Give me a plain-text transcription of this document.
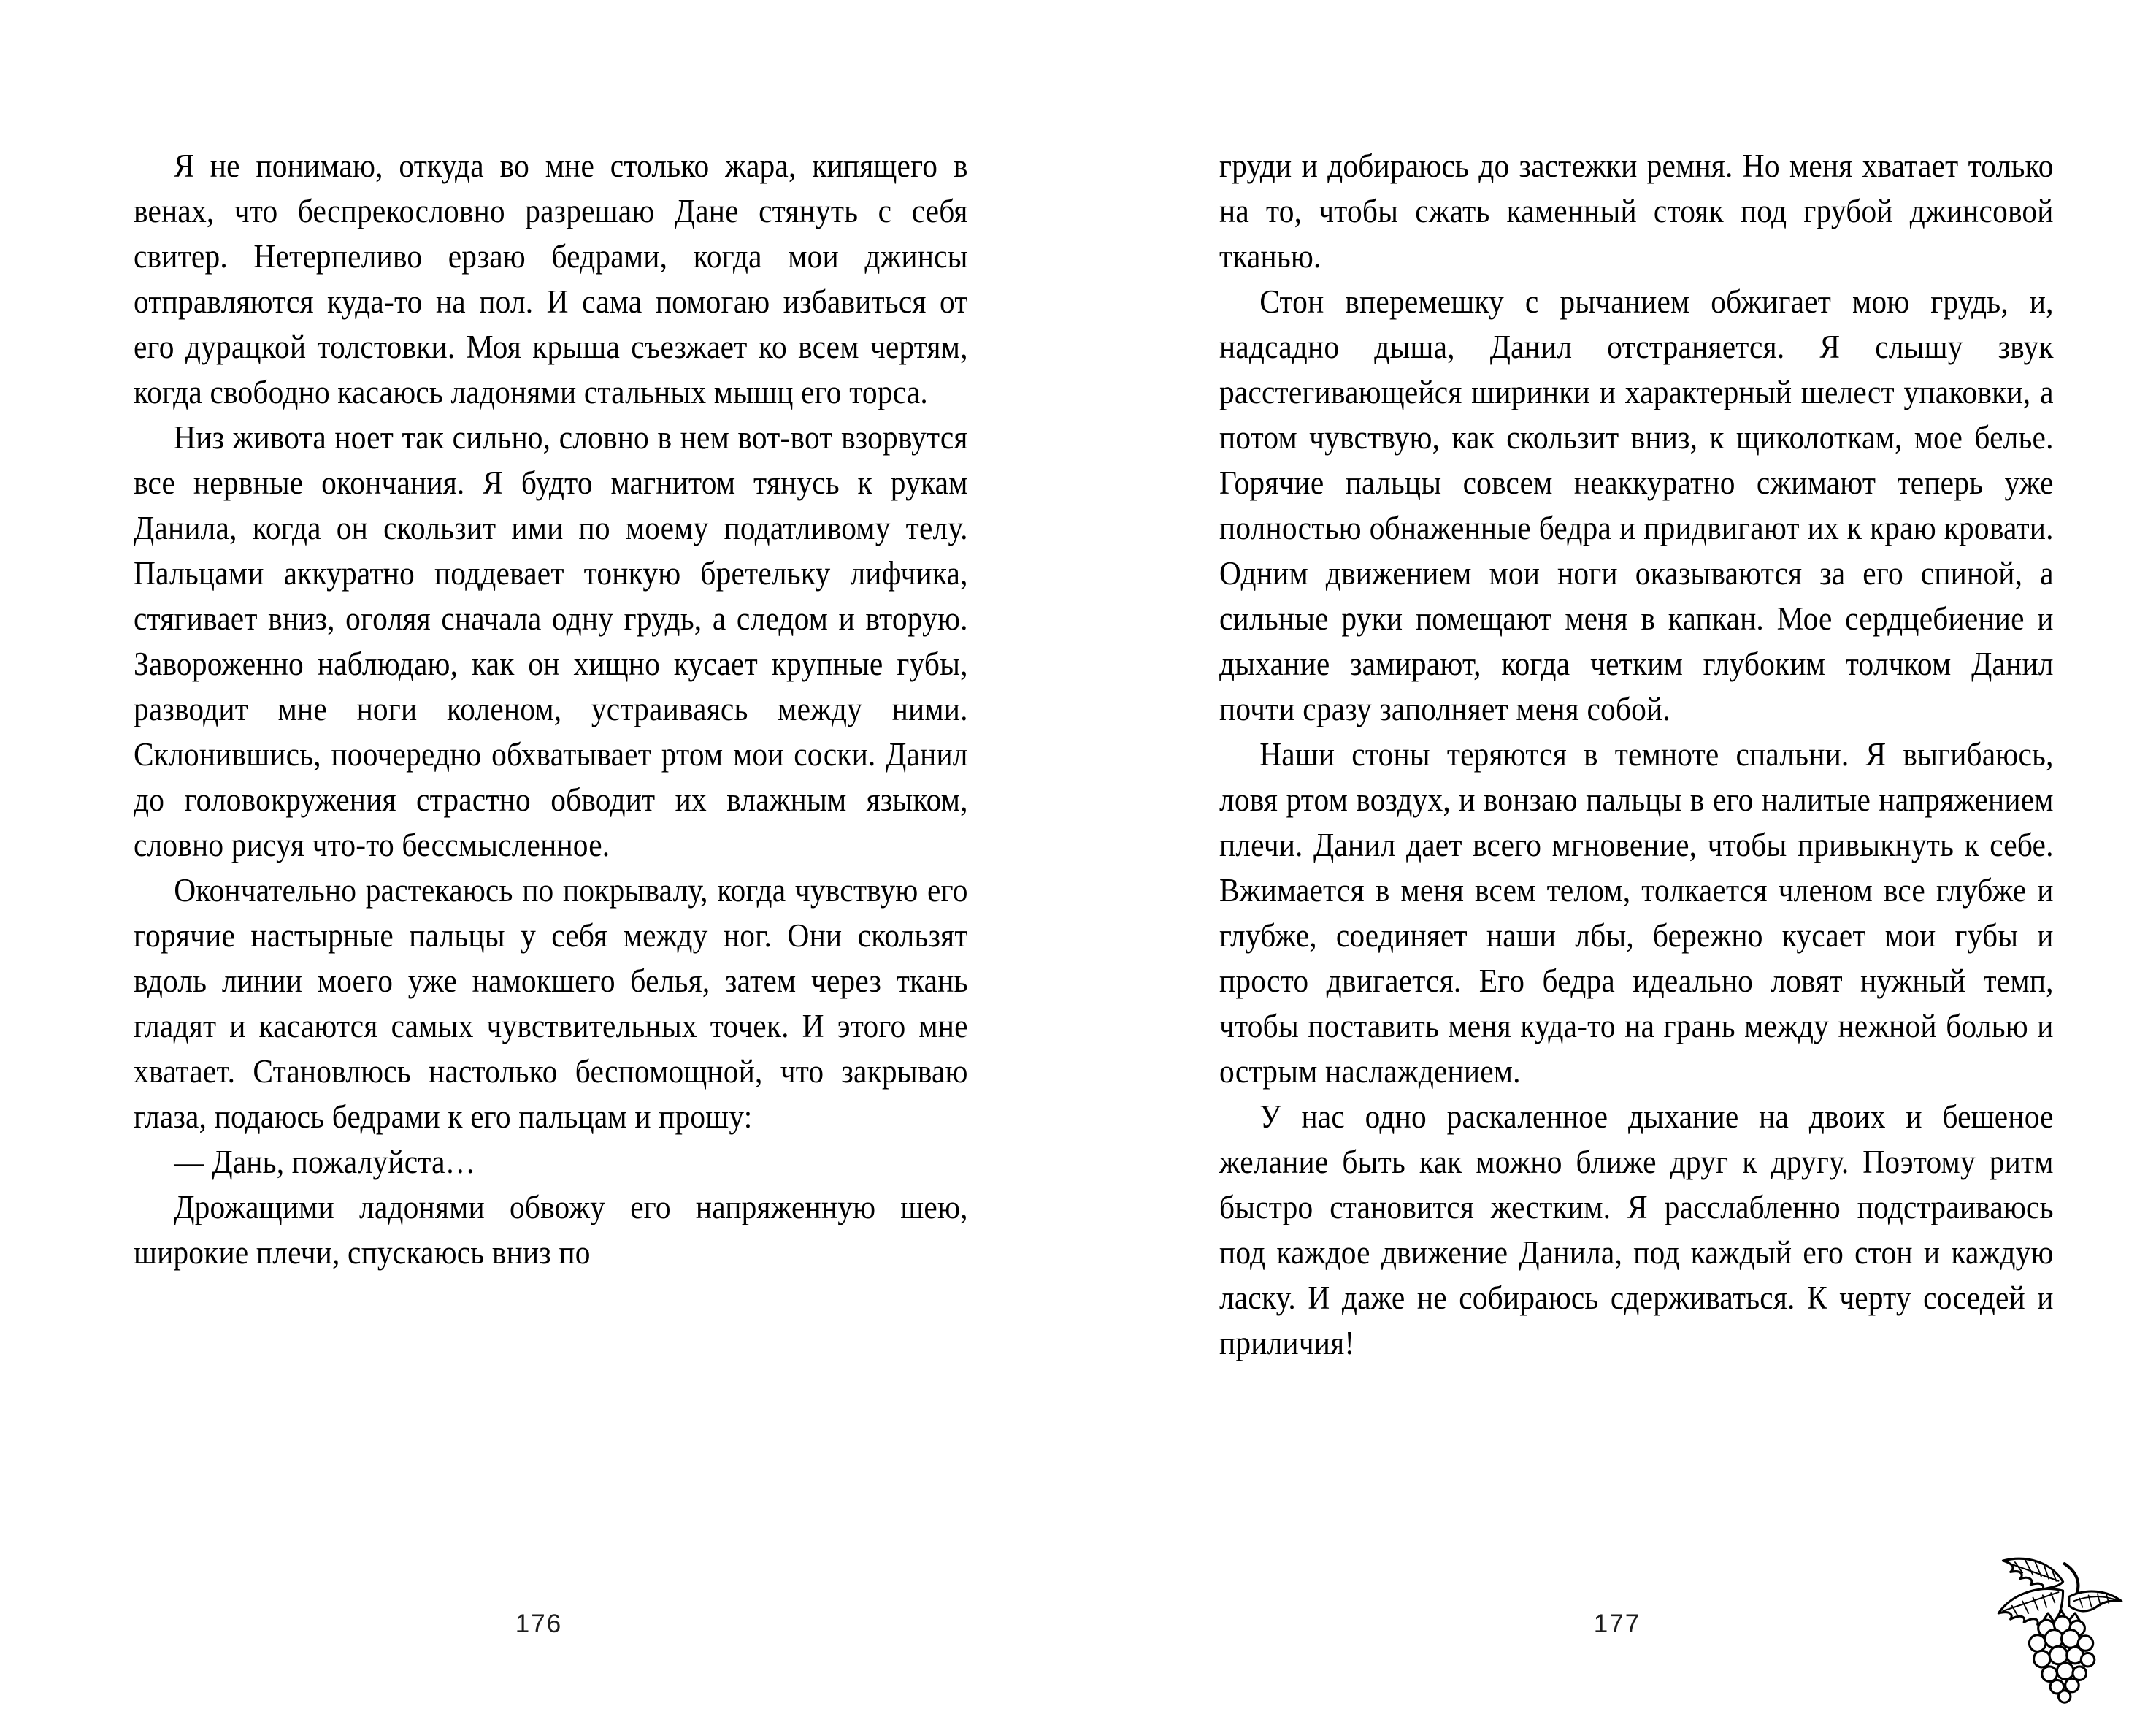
Я не понимаю, откуда во мне столько жара, кипящего в венах, что беспрекословно разрешаю Дане стянуть с себя свитер. Нетерпеливо ерзаю бедрами, когда мои джинсы отправляются куда-то на пол. И сама помогаю избавиться от его дурацкой толстовки. Моя крыша съезжает ко всем чертям, когда свободно касаюсь ладонями стальных мышц его торса.

Низ живота ноет так сильно, словно в нем вот-вот взорвутся все нервные окончания. Я будто магнитом тянусь к рукам Данила, когда он скользит ими по моему податливому телу. Пальцами аккуратно поддевает тонкую бретельку лифчика, стягивает вниз, оголяя сначала одну грудь, а следом и вторую. Завороженно наблюдаю, как он хищно кусает крупные губы, разводит мне ноги коленом, устраиваясь между ними. Склонившись, поочередно обхватывает ртом мои соски. Данил до головокружения страстно обводит их влажным языком, словно рисуя что-то бессмысленное.

Окончательно растекаюсь по покрывалу, когда чувствую его горячие настырные пальцы у себя между ног. Они скользят вдоль линии моего уже намокшего белья, затем через ткань гладят и касаются самых чувствительных точек. И этого мне хватает. Становлюсь настолько беспомощной, что закрываю глаза, подаюсь бедрами к его пальцам и прошу:

— Дань, пожалуйста…

Дрожащими ладонями обвожу его напряженную шею, широкие плечи, спускаюсь вниз по

176

груди и добираюсь до застежки ремня. Но меня хватает только на то, чтобы сжать каменный стояк под грубой джинсовой тканью.

Стон вперемешку с рычанием обжигает мою грудь, и, надсадно дыша, Данил отстраняется. Я слышу звук расстегивающейся ширинки и характерный шелест упаковки, а потом чувствую, как скользит вниз, к щиколоткам, мое белье. Горячие пальцы совсем неаккуратно сжимают теперь уже полностью обнаженные бедра и придвигают их к краю кровати. Одним движением мои ноги оказываются за его спиной, а сильные руки помещают меня в капкан. Мое сердцебиение и дыхание замирают, когда четким глубоким толчком Данил почти сразу заполняет меня собой.

Наши стоны теряются в темноте спальни. Я выгибаюсь, ловя ртом воздух, и вонзаю пальцы в его налитые напряжением плечи. Данил дает всего мгновение, чтобы привыкнуть к себе. Вжимается в меня всем телом, толкается членом все глубже и глубже, соединяет наши лбы, бережно кусает мои губы и просто двигается. Его бедра идеально ловят нужный темп, чтобы поставить меня куда-то на грань между нежной болью и острым наслаждением.

У нас одно раскаленное дыхание на двоих и бешеное желание быть как можно ближе друг к другу. Поэтому ритм быстро становится жестким. Я расслабленно подстраиваюсь под каждое движение Данила, под каждый его стон и каждую ласку. И даже не собираюсь сдерживаться. К черту соседей и приличия!

177
